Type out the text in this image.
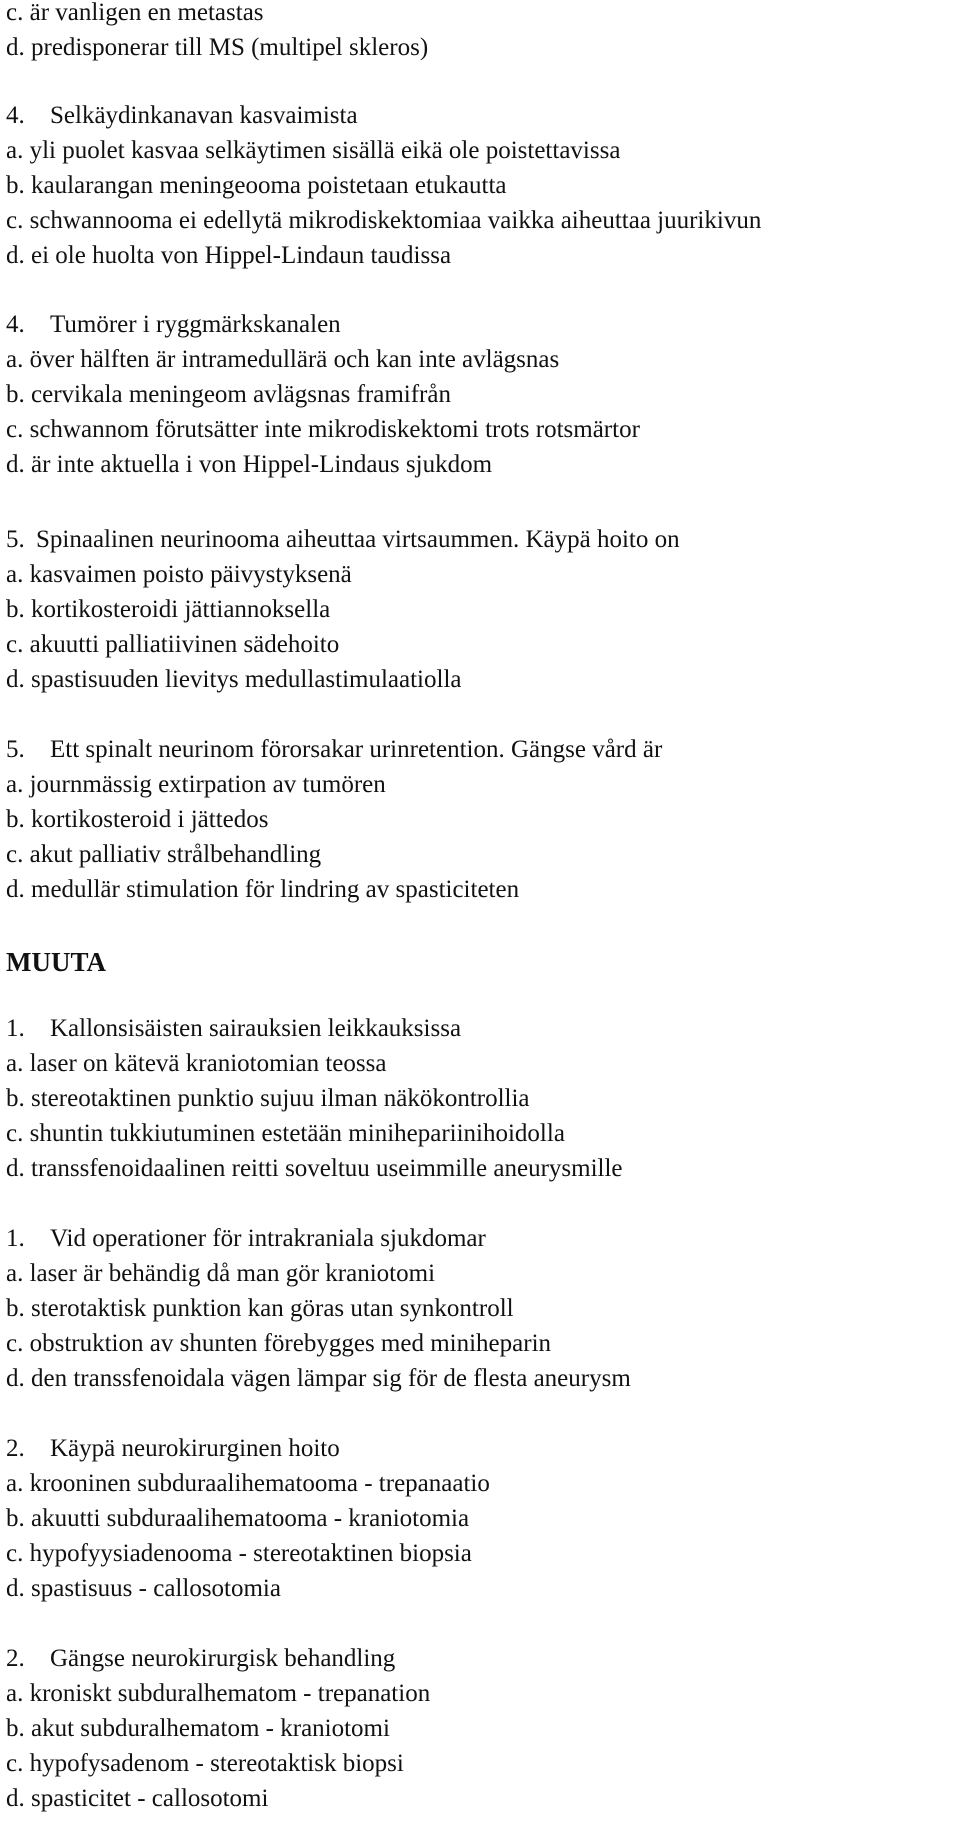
c. är vanligen en metastas
d. predisponerar till MS (multipel skleros)
4. Selkäydinkanavan kasvaimista
a. yli puolet kasvaa selkäytimen sisällä eikä ole poistettavissa
b. kaularangan meningeooma poistetaan etukautta
c. schwannooma ei edellytä mikrodiskektomiaa vaikka aiheuttaa juurikivun
d. ei ole huolta von Hippel-Lindaun taudissa
4. Tumörer i ryggmärkskanalen
a. över hälften är intramedullärä och kan inte avlägsnas
b. cervikala meningeom avlägsnas framifrån
c. schwannom förutsätter inte mikrodiskektomi trots rotsmärtor
d. är inte aktuella i von Hippel-Lindaus sjukdom
5. Spinaalinen neurinooma aiheuttaa virtsaummen. Käypä hoito on
a. kasvaimen poisto päivystyksenä
b. kortikosteroidi jättiannoksella
c. akuutti palliatiivinen sädehoito
d. spastisuuden lievitys medullastimulaatiolla
5. Ett spinalt neurinom förorsakar urinretention. Gängse vård är
a. journmässig extirpation av tumören
b. kortikosteroid i jättedos
c. akut palliativ strålbehandling
d. medullär stimulation för lindring av spasticiteten
MUUTA
1. Kallonsisäisten sairauksien leikkauksissa
a. laser on kätevä kraniotomian teossa
b. stereotaktinen punktio sujuu ilman näkökontrollia
c. shuntin tukkiutuminen estetään minihepariinihoidolla
d. transsfenoidaalinen reitti soveltuu useimmille aneurysmille
1. Vid operationer för intrakraniala sjukdomar
a. laser är behändig då man gör kraniotomi
b. sterotaktisk punktion kan göras utan synkontroll
c. obstruktion av shunten förebygges med miniheparin
d. den transsfenoidala vägen lämpar sig för de flesta aneurysm
2. Käypä neurokirurginen hoito
a. krooninen subduraalihematooma - trepanaatio
b. akuutti subduraalihematooma - kraniotomia
c. hypofyysiadenooma - stereotaktinen biopsia
d. spastisuus - callosotomia
2. Gängse neurokirurgisk behandling
a. kroniskt subduralhematom - trepanation
b. akut subduralhematom - kraniotomi
c. hypofysadenom - stereotaktisk biopsi
d. spasticitet - callosotomi
